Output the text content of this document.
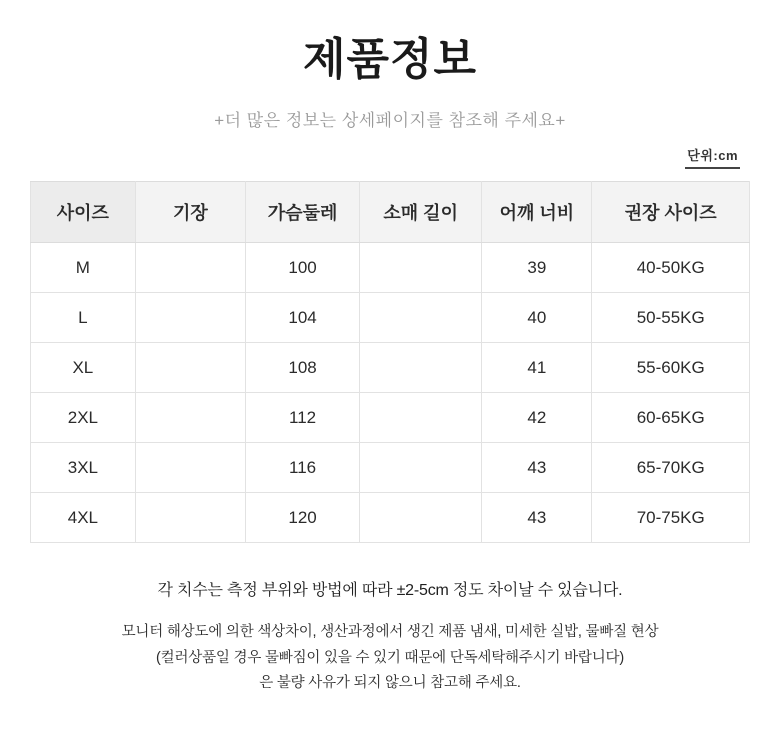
제품정보
+더 많은 정보는 상세페이지를 참조해 주세요+
단위:cm
사이즈	기장	가슴둘레	소매 길이	어깨 너비	권장 사이즈
M		100		39	40-50KG
L		104		40	50-55KG
XL		108		41	55-60KG
2XL		112		42	60-65KG
3XL		116		43	65-70KG
4XL		120		43	70-75KG
각 치수는 측정 부위와 방법에 따라 ±2-5cm 정도 차이날 수 있습니다.
모니터 해상도에 의한 색상차이, 생산과정에서 생긴 제품 냄새, 미세한 실밥, 물빠질 현상
(컬러상품일 경우 물빠짐이 있을 수 있기 때문에 단독세탁해주시기 바랍니다)
은 불량 사유가 되지 않으니 참고해 주세요.
